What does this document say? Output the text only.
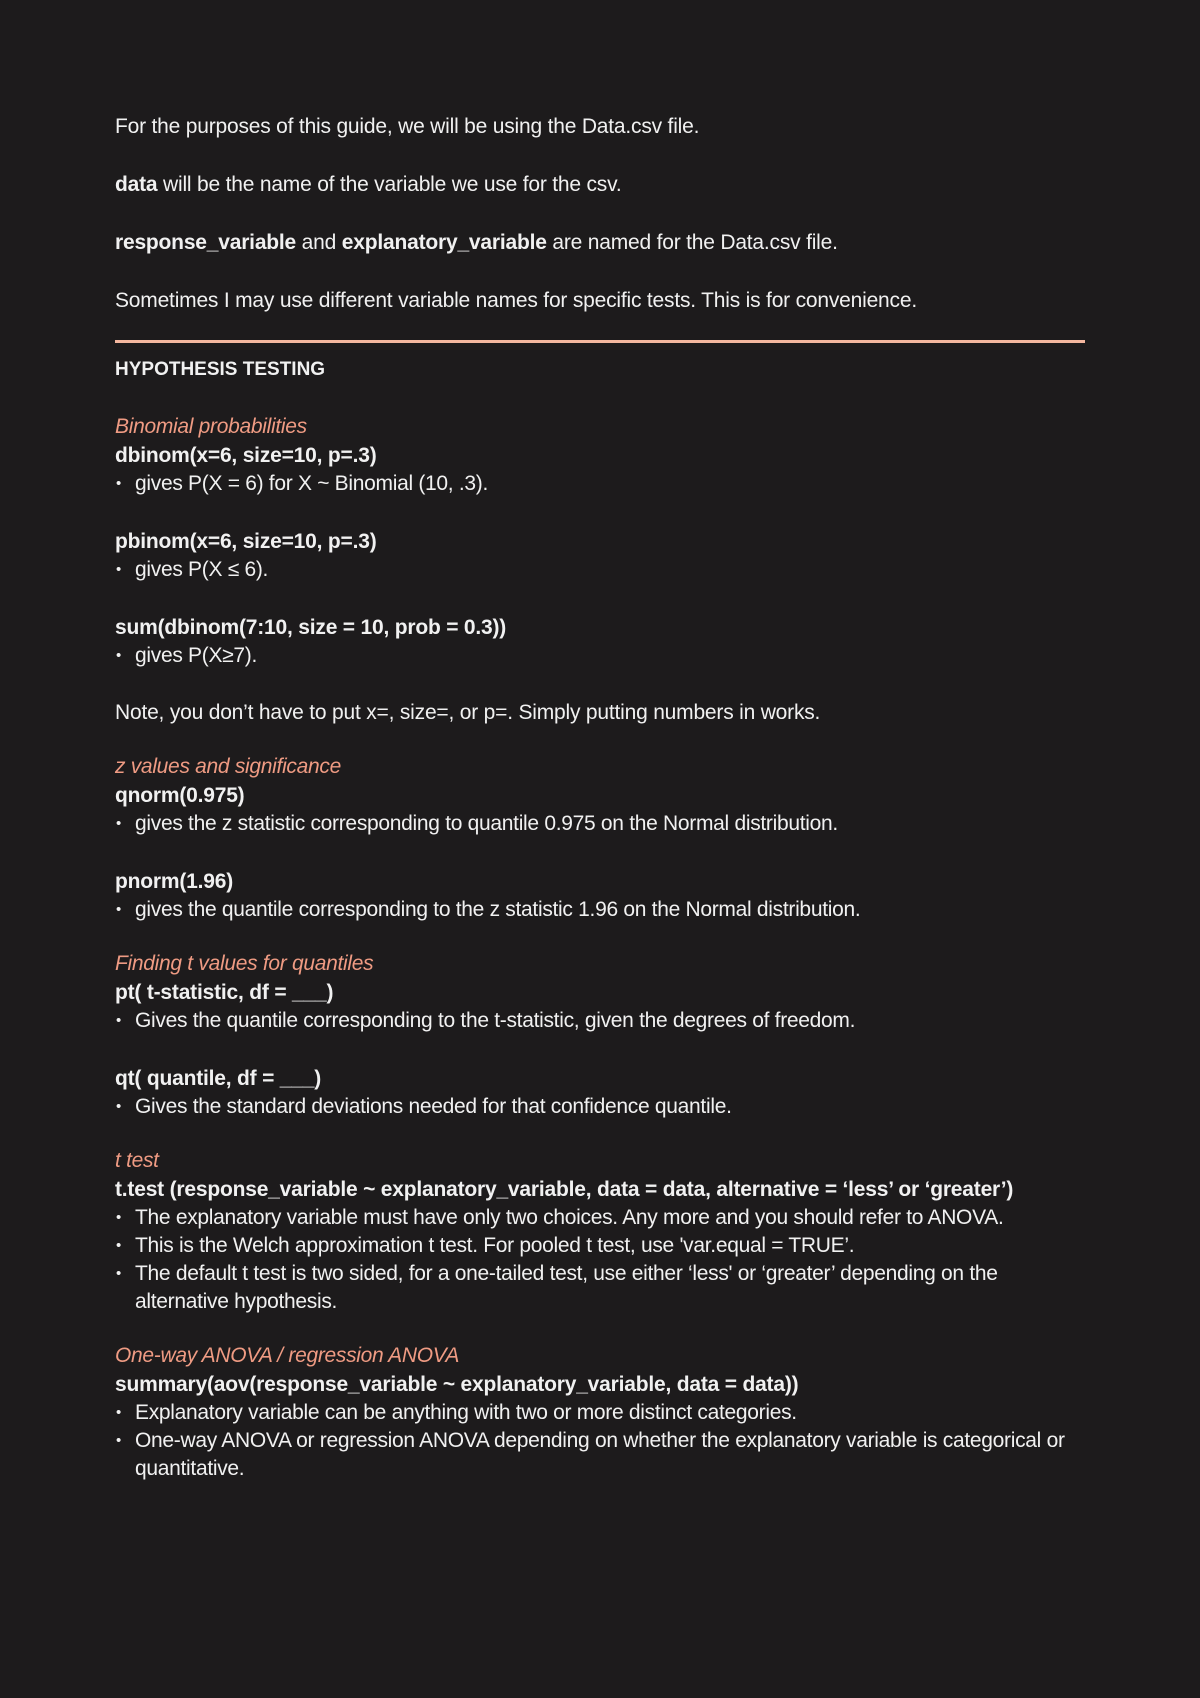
For the purposes of this guide, we will be using the Data.csv file.

data will be the name of the variable we use for the csv.

response_variable and explanatory_variable are named for the Data.csv file.

Sometimes I may use different variable names for specific tests. This is for convenience.

HYPOTHESIS TESTING
Binomial probabilities
dbinom(x=6, size=10, p=.3)
• gives P(X = 6) for X ~ Binomial (10, .3).
pbinom(x=6, size=10, p=.3)
• gives P(X ≤ 6).
sum(dbinom(7:10, size = 10, prob = 0.3))
• gives P(X≥7).
Note, you don’t have to put x=, size=, or p=. Simply putting numbers in works.
z values and significance
qnorm(0.975)
• gives the z statistic corresponding to quantile 0.975 on the Normal distribution.
pnorm(1.96)
• gives the quantile corresponding to the z statistic 1.96 on the Normal distribution.
Finding t values for quantiles
pt( t-statistic, df = ___)
• Gives the quantile corresponding to the t-statistic, given the degrees of freedom.
qt( quantile, df = ___)
• Gives the standard deviations needed for that confidence quantile.
t test
t.test (response_variable ~ explanatory_variable, data = data, alternative = ‘less’ or ‘greater’)
• The explanatory variable must have only two choices. Any more and you should refer to ANOVA.
• This is the Welch approximation t test. For pooled t test, use 'var.equal = TRUE’.
• The default t test is two sided, for a one-tailed test, use either ‘less' or ‘greater’ depending on the alternative hypothesis.
One-way ANOVA / regression ANOVA
summary(aov(response_variable ~ explanatory_variable, data = data))
• Explanatory variable can be anything with two or more distinct categories.
• One-way ANOVA or regression ANOVA depending on whether the explanatory variable is categorical or quantitative.
